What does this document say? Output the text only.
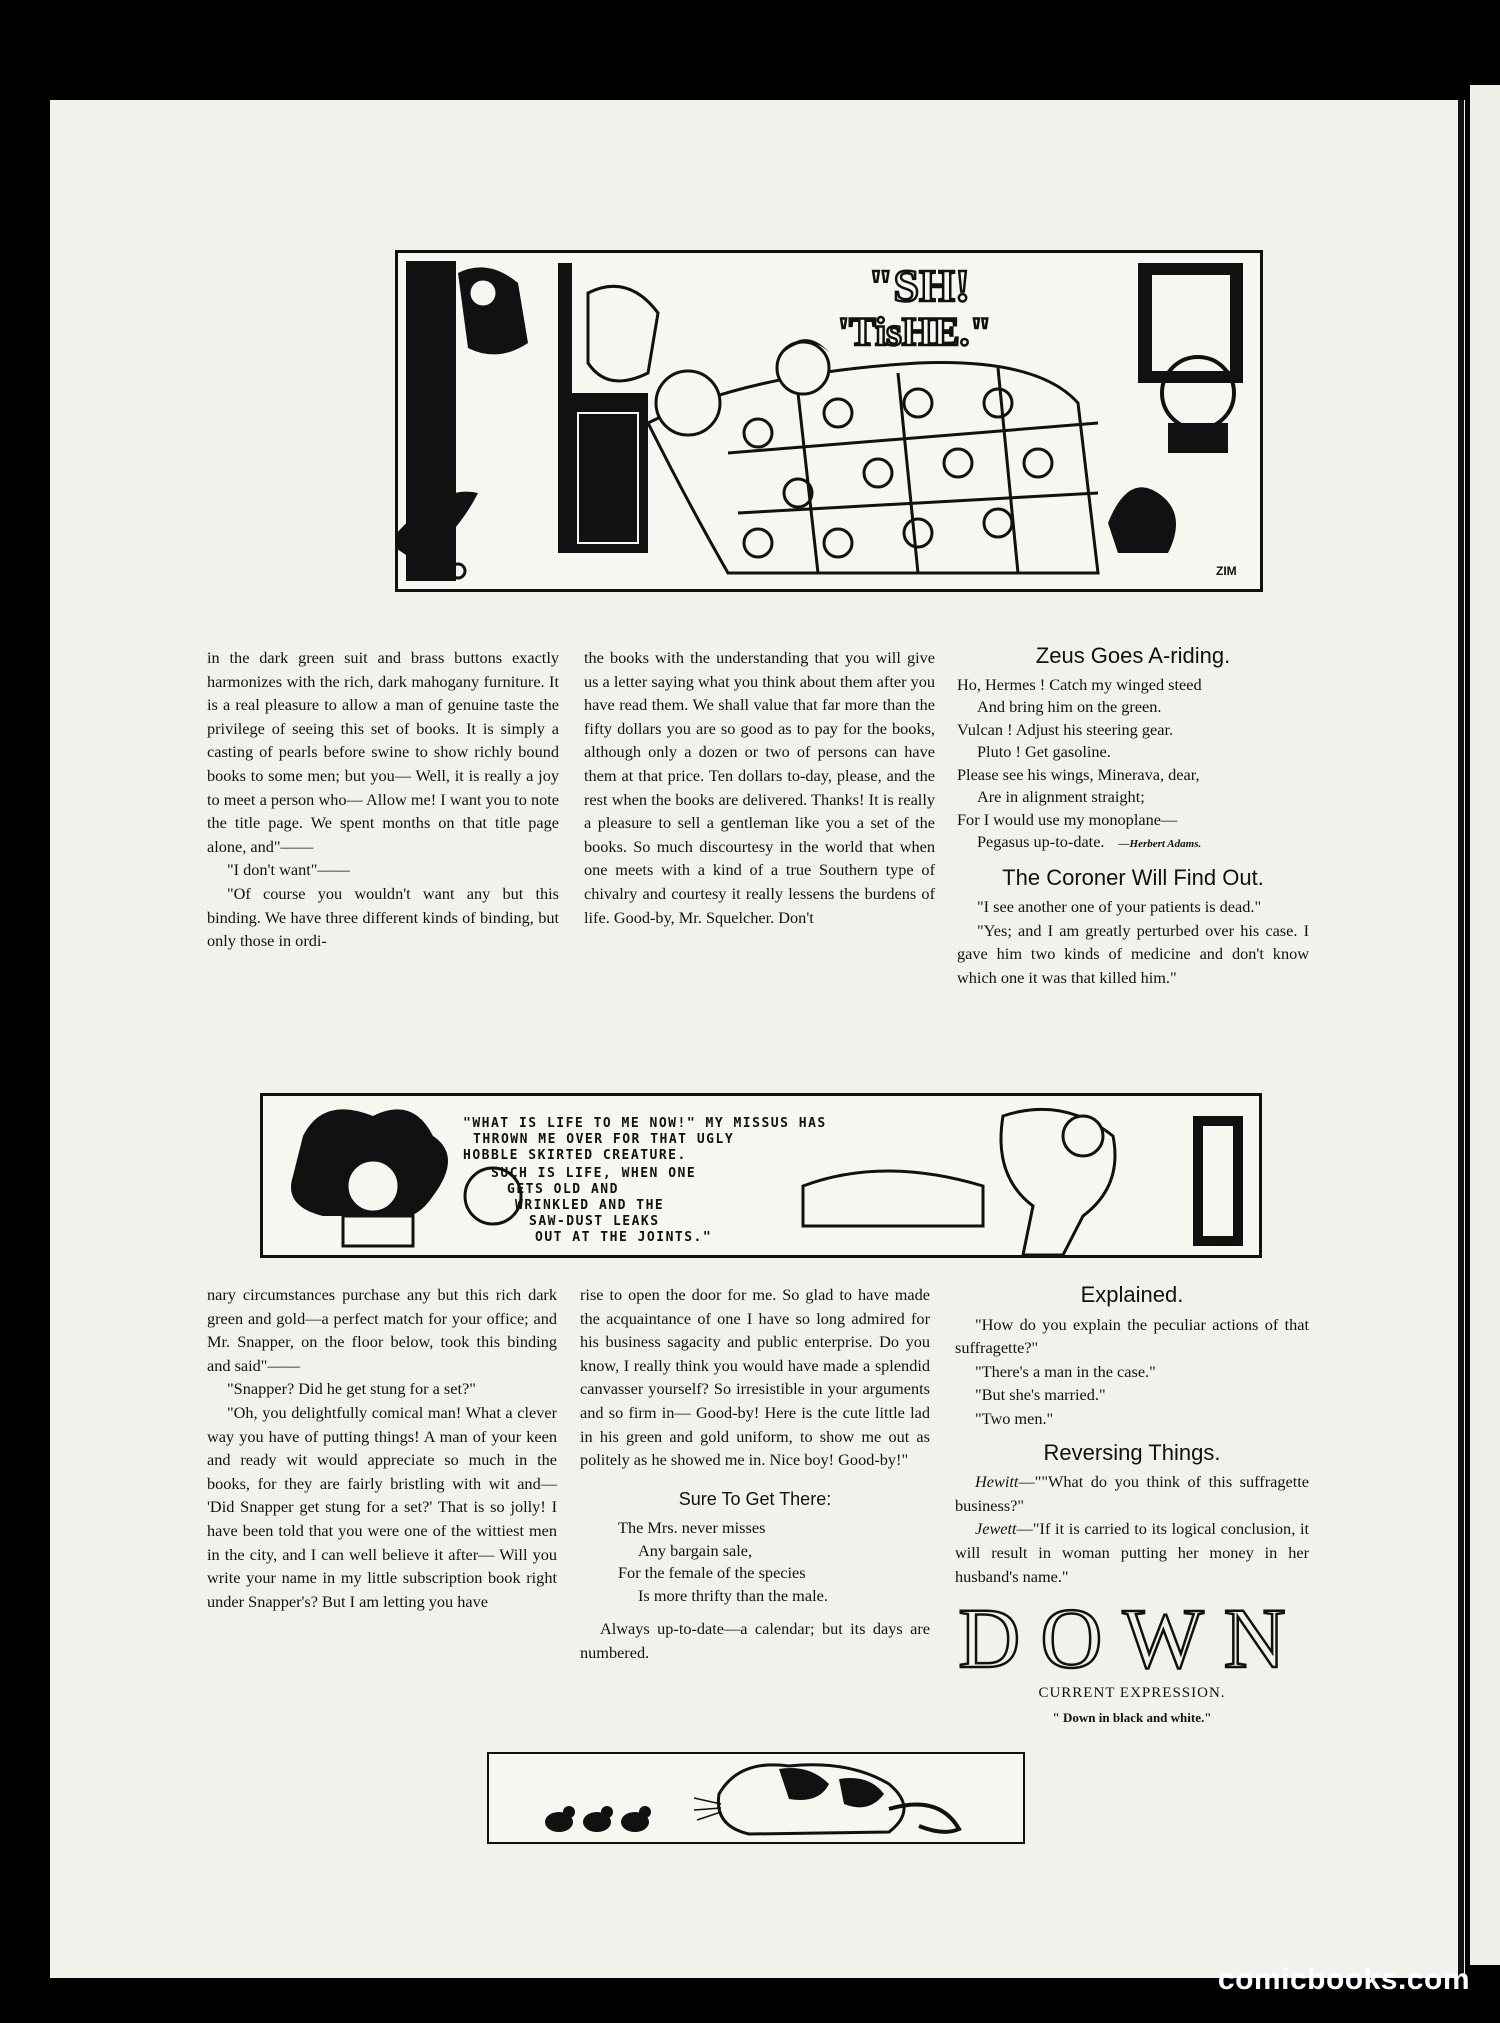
"SH!
'TisHE."
ZIM

in the dark green suit and brass buttons exactly harmonizes with the rich, dark mahogany furniture. It is a real pleasure to allow a man of genuine taste the privilege of seeing this set of books. It is simply a casting of pearls before swine to show richly bound books to some men; but you— Well, it is really a joy to meet a person who— Allow me! I want you to note the title page. We spent months on that title page alone, and"——

"I don't want"——

"Of course you wouldn't want any but this binding. We have three different kinds of binding, but only those in ordi-

the books with the understanding that you will give us a letter saying what you think about them after you have read them. We shall value that far more than the fifty dollars you are so good as to pay for the books, although only a dozen or two of persons can have them at that price. Ten dollars to-day, please, and the rest when the books are delivered. Thanks! It is really a pleasure to sell a gentleman like you a set of the books. So much discourtesy in the world that when one meets with a kind of a true Southern type of chivalry and courtesy it really lessens the burdens of life. Good-by, Mr. Squelcher. Don't

Zeus Goes A-riding.
Ho, Hermes ! Catch my winged steed
And bring him on the green.
Vulcan ! Adjust his steering gear.
Pluto ! Get gasoline.
Please see his wings, Minerava, dear,
Are in alignment straight;
For I would use my monoplane—
Pegasus up-to-date. —Herbert Adams.
The Coroner Will Find Out.

"I see another one of your patients is dead."

"Yes; and I am greatly perturbed over his case. I gave him two kinds of medicine and don't know which one it was that killed him."

ZIM
"WHAT IS LIFE TO ME NOW!" MY MISSUS HAS
THROWN ME OVER FOR THAT UGLY
HOBBLE SKIRTED CREATURE.
SUCH IS LIFE, WHEN ONE
GETS OLD AND
WRINKLED AND THE
SAW-DUST LEAKS
OUT AT THE JOINTS."

nary circumstances purchase any but this rich dark green and gold—a perfect match for your office; and Mr. Snapper, on the floor below, took this binding and said"——

"Snapper? Did he get stung for a set?"

"Oh, you delightfully comical man! What a clever way you have of putting things! A man of your keen and ready wit would appreciate so much in the books, for they are fairly bristling with wit and— 'Did Snapper get stung for a set?' That is so jolly! I have been told that you were one of the wittiest men in the city, and I can well believe it after— Will you write your name in my little subscription book right under Snapper's? But I am letting you have

rise to open the door for me. So glad to have made the acquaintance of one I have so long admired for his business sagacity and public enterprise. Do you know, I really think you would have made a splendid canvasser yourself? So irresistible in your arguments and so firm in— Good-by! Here is the cute little lad in his green and gold uniform, to show me out as politely as he showed me in. Nice boy! Good-by!"

Sure To Get There:
The Mrs. never misses
Any bargain sale,
For the female of the species
Is more thrifty than the male.

Always up-to-date—a calendar; but its days are numbered.

Explained.

"How do you explain the peculiar actions of that suffragette?"

"There's a man in the case."

"But she's married."

"Two men."

Reversing Things.

Hewitt—""What do you think of this suffragette business?"

Jewett—"If it is carried to its logical conclusion, it will result in woman putting her money in her husband's name."

DOWN
CURRENT EXPRESSION.
" Down in black and white."
comicbooks.com
